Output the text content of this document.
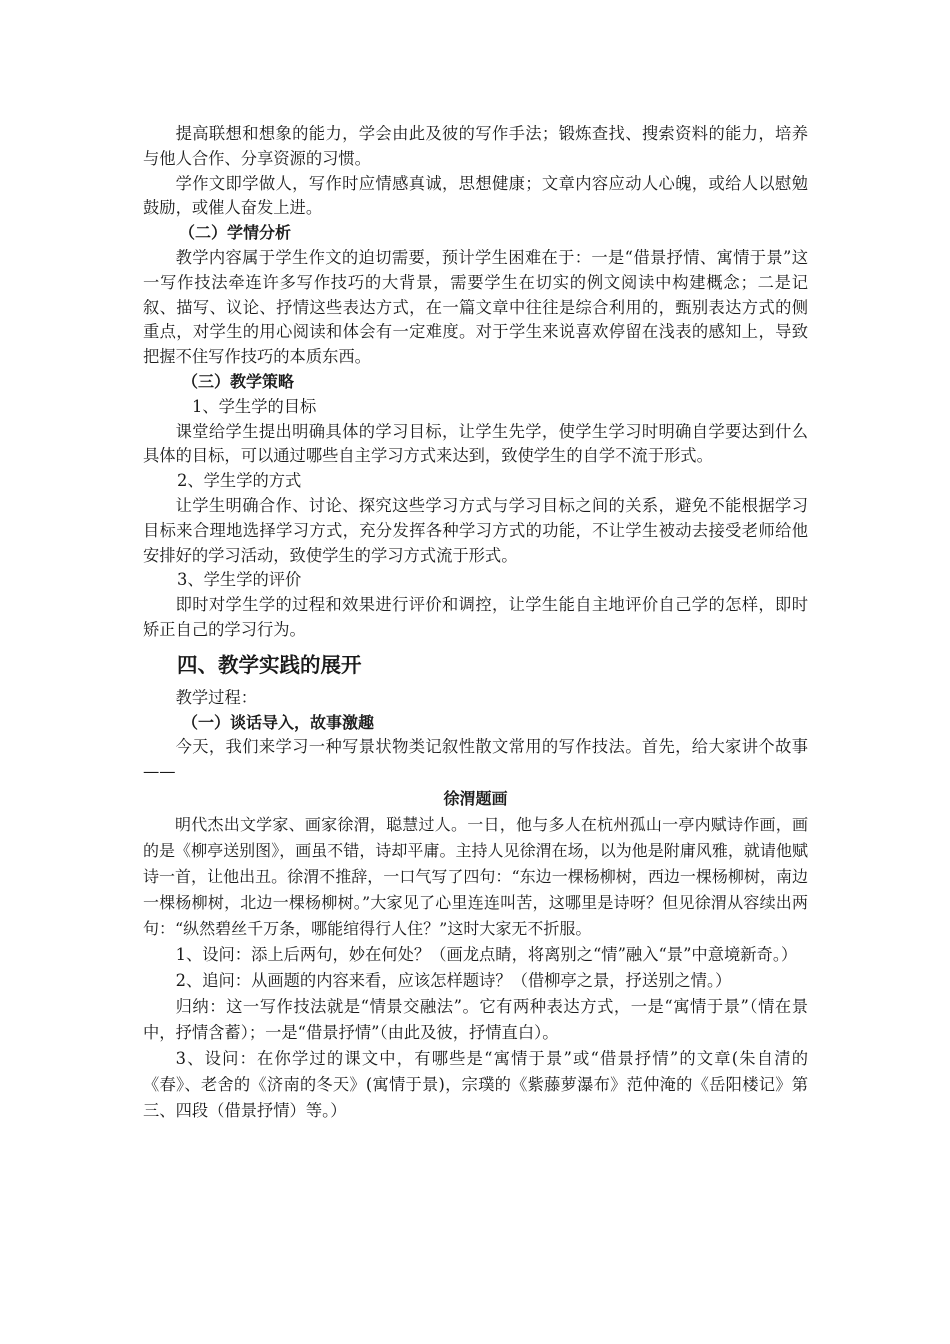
提高联想和想象的能力，学会由此及彼的写作手法；锻炼查找、搜索资料的能力，培养与他人合作、分享资源的习惯。

学作文即学做人，写作时应情感真诚，思想健康；文章内容应动人心魄，或给人以慰勉鼓励，或催人奋发上进。

（二）学情分析

教学内容属于学生作文的迫切需要，预计学生困难在于：一是“借景抒情、寓情于景”这一写作技法牵连许多写作技巧的大背景，需要学生在切实的例文阅读中构建概念；二是记叙、描写、议论、抒情这些表达方式，在一篇文章中往往是综合利用的，甄别表达方式的侧重点，对学生的用心阅读和体会有一定难度。对于学生来说喜欢停留在浅表的感知上，导致把握不住写作技巧的本质东西。

（三）教学策略

1、学生学的目标

课堂给学生提出明确具体的学习目标，让学生先学，使学生学习时明确自学要达到什么具体的目标，可以通过哪些自主学习方式来达到，致使学生的自学不流于形式。

2、学生学的方式

让学生明确合作、讨论、探究这些学习方式与学习目标之间的关系，避免不能根据学习目标来合理地选择学习方式，充分发挥各种学习方式的功能，不让学生被动去接受老师给他安排好的学习活动，致使学生的学习方式流于形式。

3、学生学的评价

即时对学生学的过程和效果进行评价和调控，让学生能自主地评价自己学的怎样，即时矫正自己的学习行为。

四、教学实践的展开

教学过程：

（一）谈话导入，故事激趣

今天，我们来学习一种写景状物类记叙性散文常用的写作技法。首先，给大家讲个故事——

徐渭题画

明代杰出文学家、画家徐渭，聪慧过人。一日，他与多人在杭州孤山一亭内赋诗作画，画的是《柳亭送别图》，画虽不错，诗却平庸。主持人见徐渭在场，以为他是附庸风雅，就请他赋诗一首，让他出丑。徐渭不推辞，一口气写了四句：“东边一棵杨柳树，西边一棵杨柳树，南边一棵杨柳树，北边一棵杨柳树。”大家见了心里连连叫苦，这哪里是诗呀？但见徐渭从容续出两句：“纵然碧丝千万条，哪能绾得行人住？”这时大家无不折服。

1、设问：添上后两句，妙在何处？（画龙点睛，将离别之“情”融入“景”中意境新奇。）

2、追问：从画题的内容来看，应该怎样题诗？（借柳亭之景，抒送别之情。）

归纳：这一写作技法就是“情景交融法”。它有两种表达方式，一是“寓情于景”（情在景中，抒情含蓄）；一是“借景抒情”（由此及彼，抒情直白）。

3、设问：在你学过的课文中，有哪些是“寓情于景”或“借景抒情”的文章(朱自清的《春》、老舍的《济南的冬天》(寓情于景)，宗璞的《紫藤萝瀑布》范仲淹的《岳阳楼记》第三、四段（借景抒情）等。）
